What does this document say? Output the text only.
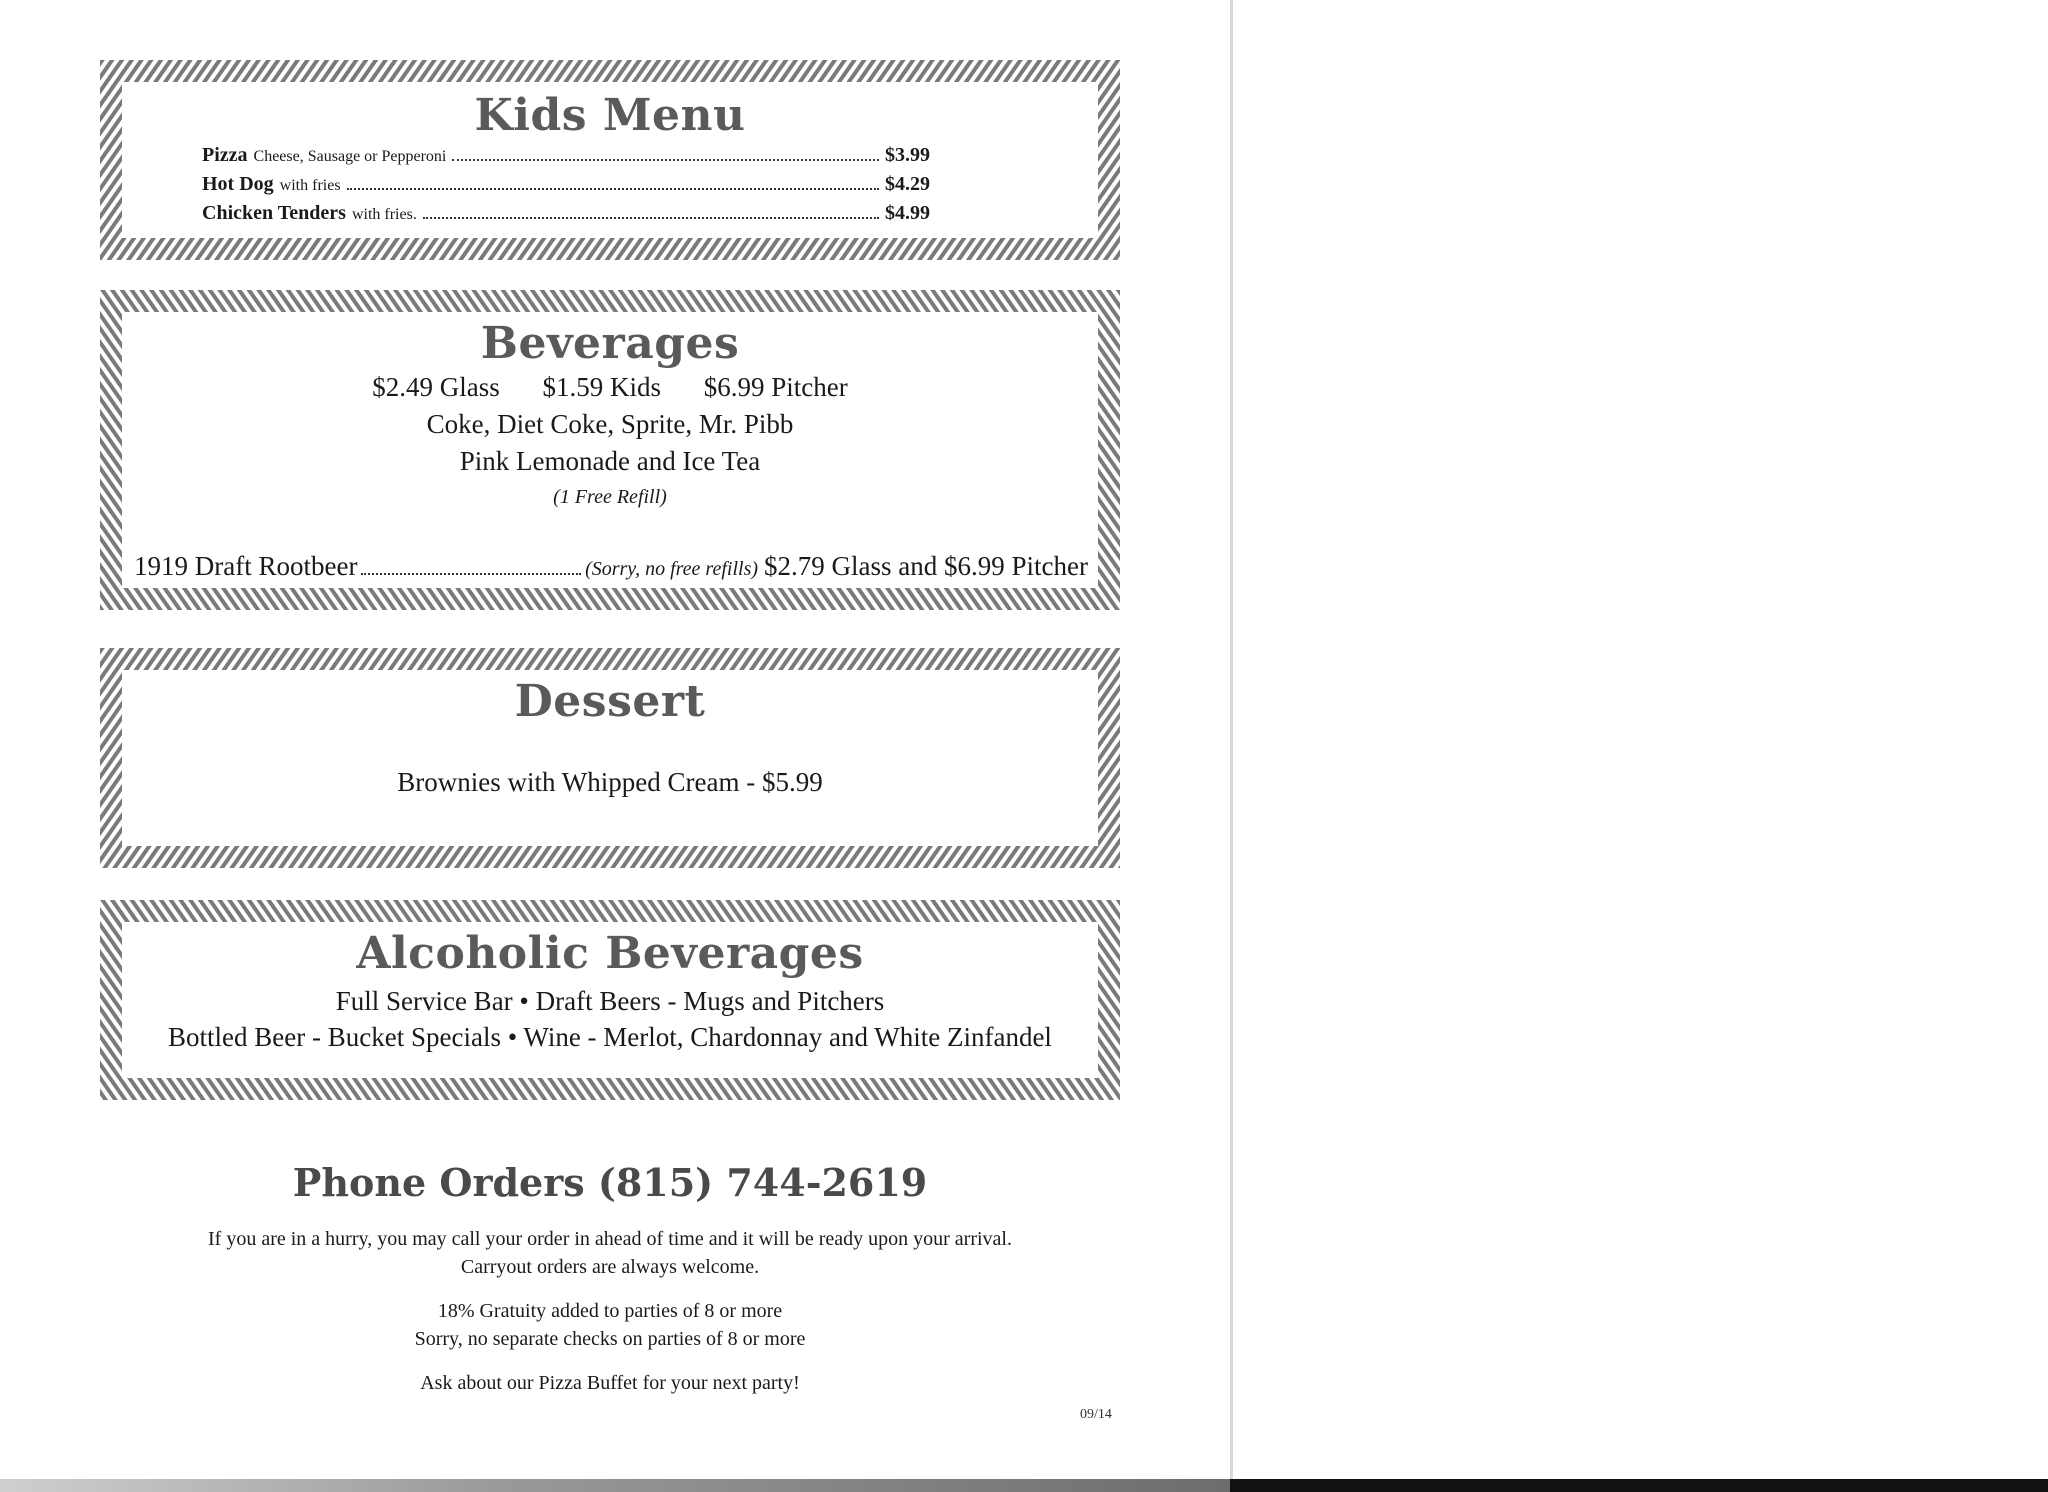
Kids Menu
Pizza Cheese, Sausage or Pepperoni	$3.99
Hot Dog with fries	$4.29
Chicken Tenders with fries.	$4.99
Beverages
$2.49 Glass $1.59 Kids $6.99 Pitcher
Coke, Diet Coke, Sprite, Mr. Pibb
Pink Lemonade and Ice Tea
(1 Free Refill)
1919 Draft Rootbeer	(Sorry, no free refills) $2.79 Glass and $6.99 Pitcher
Dessert
Brownies with Whipped Cream - $5.99
Alcoholic Beverages
Full Service Bar • Draft Beers - Mugs and Pitchers
Bottled Beer - Bucket Specials • Wine - Merlot, Chardonnay and White Zinfandel
Phone Orders (815) 744-2619
If you are in a hurry, you may call your order in ahead of time and it will be ready upon your arrival.
Carryout orders are always welcome.
18% Gratuity added to parties of 8 or more
Sorry, no separate checks on parties of 8 or more
Ask about our Pizza Buffet for your next party!
09/14
